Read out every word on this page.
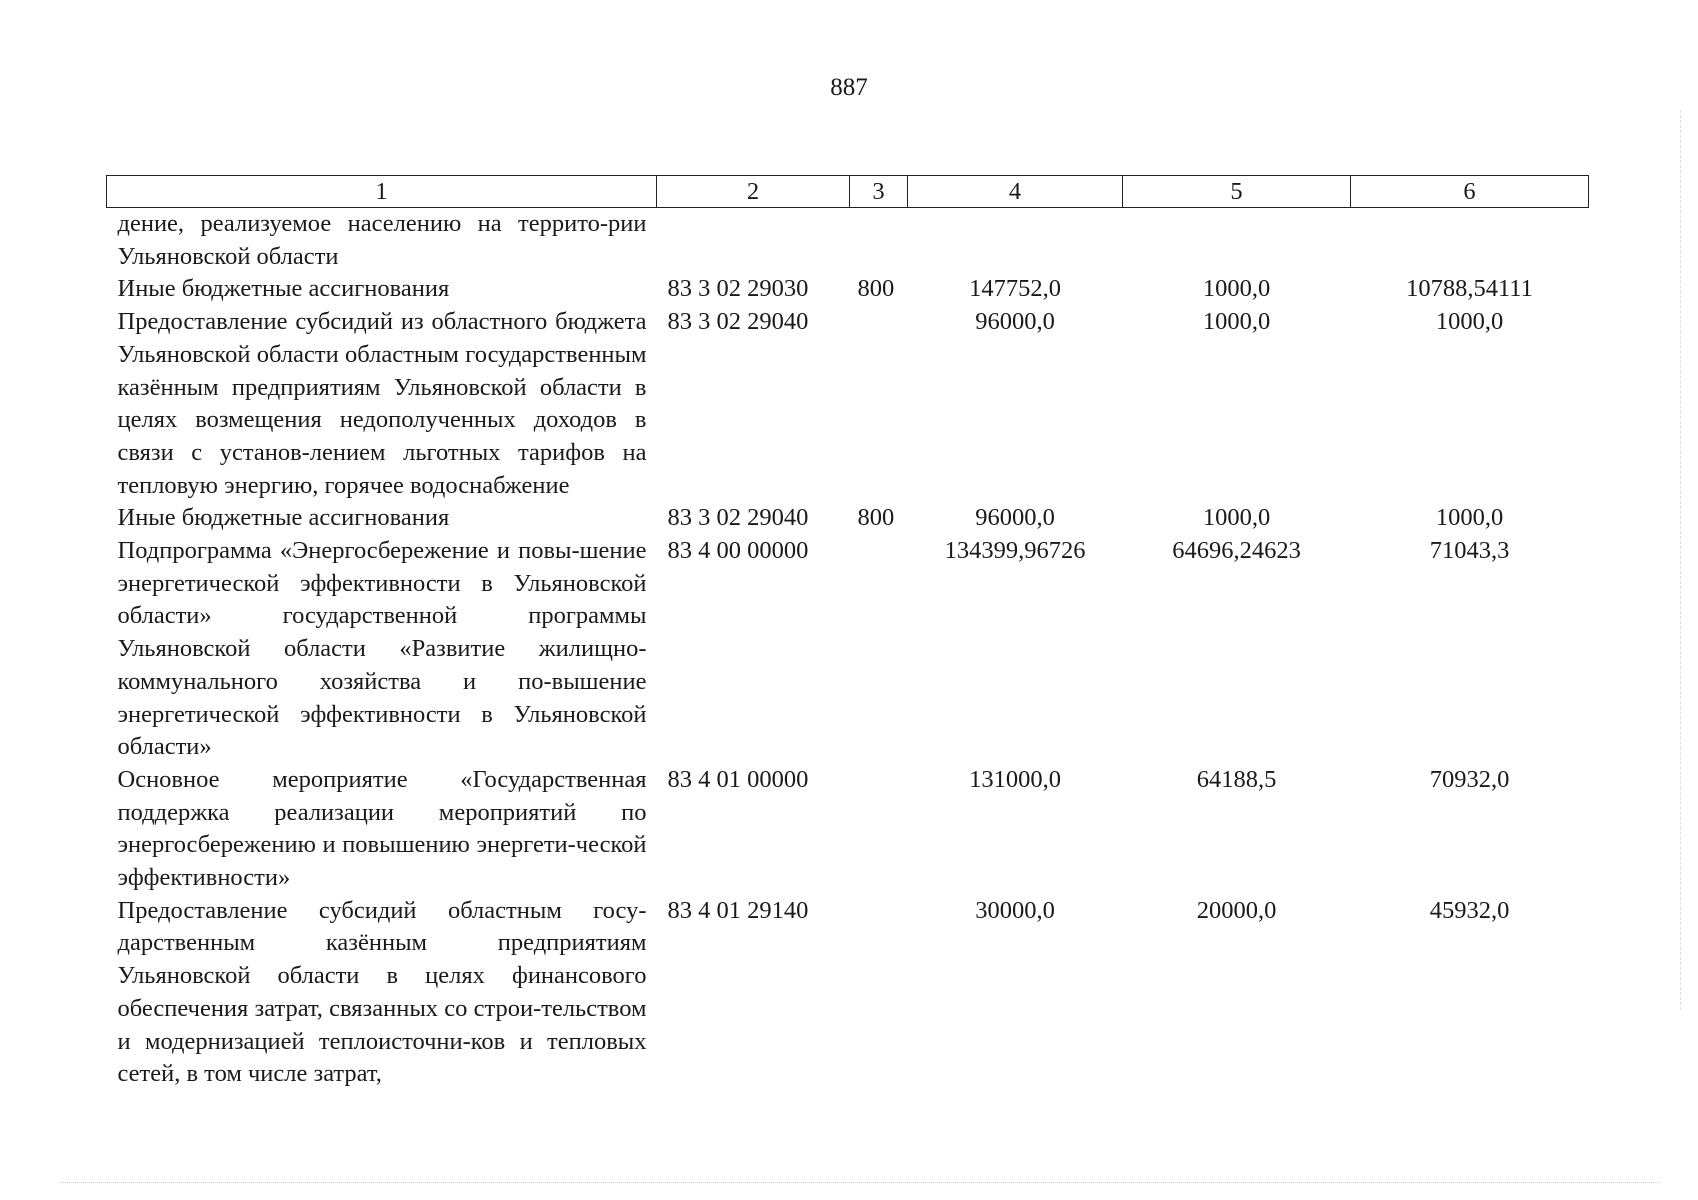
887
1	2	3	4	5	6
дение, реализуемое населению на террито-рии Ульяновской области					
Иные бюджетные ассигнования	83 3 02 29030	800	147752,0	1000,0	10788,54111
Предоставление субсидий из областного бюджета Ульяновской области областным государственным казённым предприятиям Ульяновской области в целях возмещения недополученных доходов в связи с установ-лением льготных тарифов на тепловую энергию, горячее водоснабжение	83 3 02 29040		96000,0	1000,0	1000,0
Иные бюджетные ассигнования	83 3 02 29040	800	96000,0	1000,0	1000,0
Подпрограмма «Энергосбережение и повы-шение энергетической эффективности в Ульяновской области» государственной программы Ульяновской области «Развитие жилищно-коммунального хозяйства и по-вышение энергетической эффективности в Ульяновской области»	83 4 00 00000		134399,96726	64696,24623	71043,3
Основное мероприятие «Государственная поддержка реализации мероприятий по энергосбережению и повышению энергети-ческой эффективности»	83 4 01 00000		131000,0	64188,5	70932,0
Предоставление субсидий областным госу-дарственным казённым предприятиям Ульяновской области в целях финансового обеспечения затрат, связанных со строи-тельством и модернизацией теплоисточни-ков и тепловых сетей, в том числе затрат,	83 4 01 29140		30000,0	20000,0	45932,0
